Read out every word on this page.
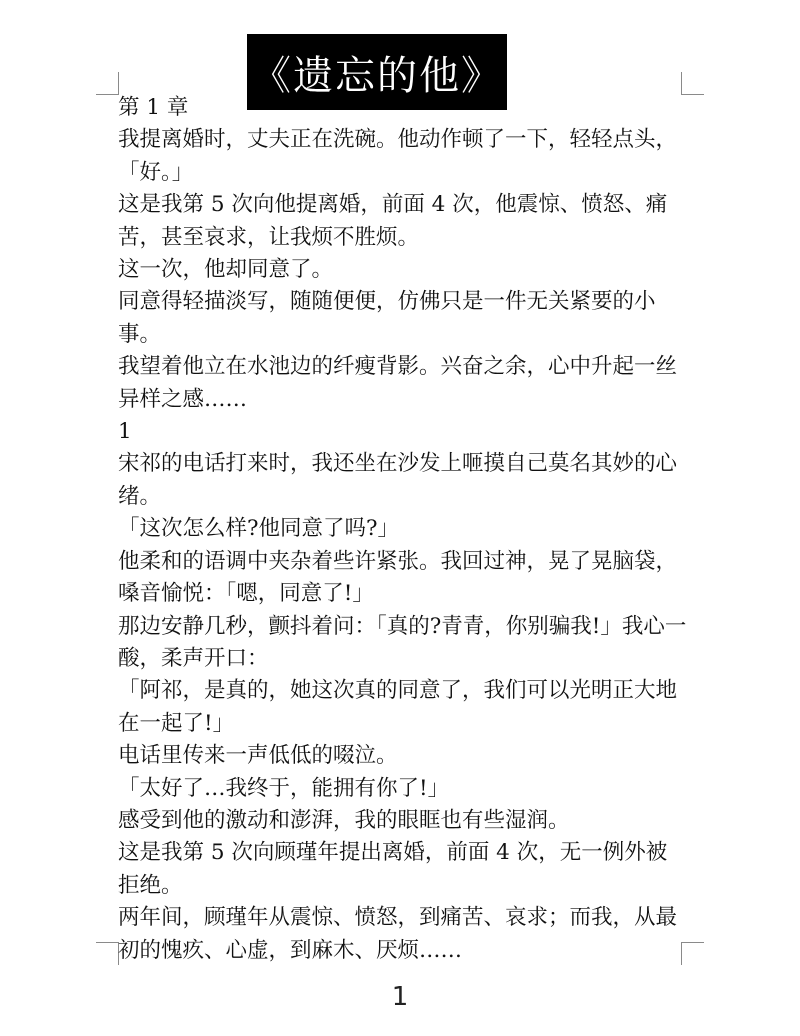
《遗忘的他》

第 1 章

我提离婚时，丈夫正在洗碗。他动作顿了一下，轻轻点头，「好。」

这是我第 5 次向他提离婚，前面 4 次，他震惊、愤怒、痛苦，甚至哀求，让我烦不胜烦。

这一次，他却同意了。

同意得轻描淡写，随随便便，仿佛只是一件无关紧要的小事。

我望着他立在水池边的纤瘦背影。兴奋之余，心中升起一丝异样之感……

1

宋祁的电话打来时，我还坐在沙发上咂摸自己莫名其妙的心绪。

「这次怎么样?他同意了吗?」

他柔和的语调中夹杂着些许紧张。我回过神，晃了晃脑袋，嗓音愉悦：「嗯，同意了!」

那边安静几秒，颤抖着问：「真的?青青，你别骗我!」我心一酸，柔声开口：

「阿祁，是真的，她这次真的同意了，我们可以光明正大地在一起了!」

电话里传来一声低低的啜泣。

「太好了…我终于，能拥有你了!」

感受到他的激动和澎湃，我的眼眶也有些湿润。

这是我第 5 次向顾瑾年提出离婚，前面 4 次，无一例外被拒绝。

两年间，顾瑾年从震惊、愤怒，到痛苦、哀求；而我，从最初的愧疚、心虚，到麻木、厌烦……

1
